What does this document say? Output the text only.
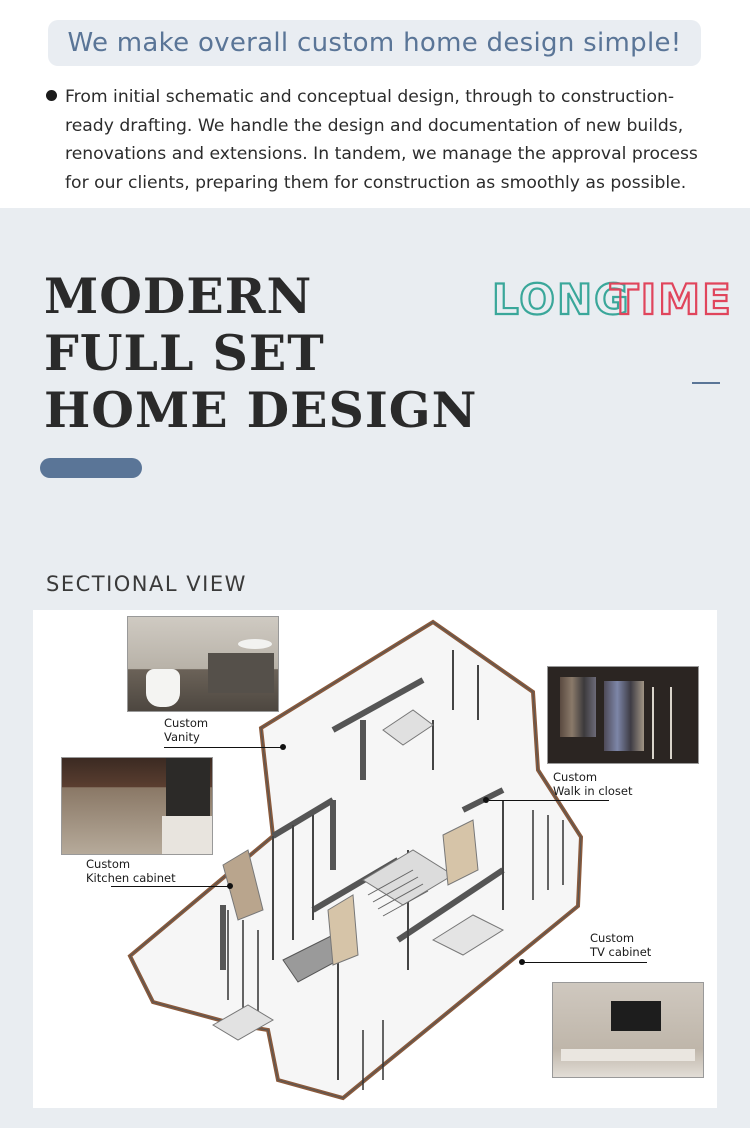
We make overall custom home design simple!
From initial schematic and conceptual design, through to construction-
ready drafting. We handle the design and documentation of new builds,
renovations and extensions. In tandem, we manage the approval process
for our clients, preparing them for construction as smoothly as possible.
MODERN
FULL SET
HOME DESIGN
LONG
TIME
SECTIONAL VIEW
Custom
Vanity
Custom
Walk in closet
Custom
Kitchen cabinet
Custom
TV cabinet
